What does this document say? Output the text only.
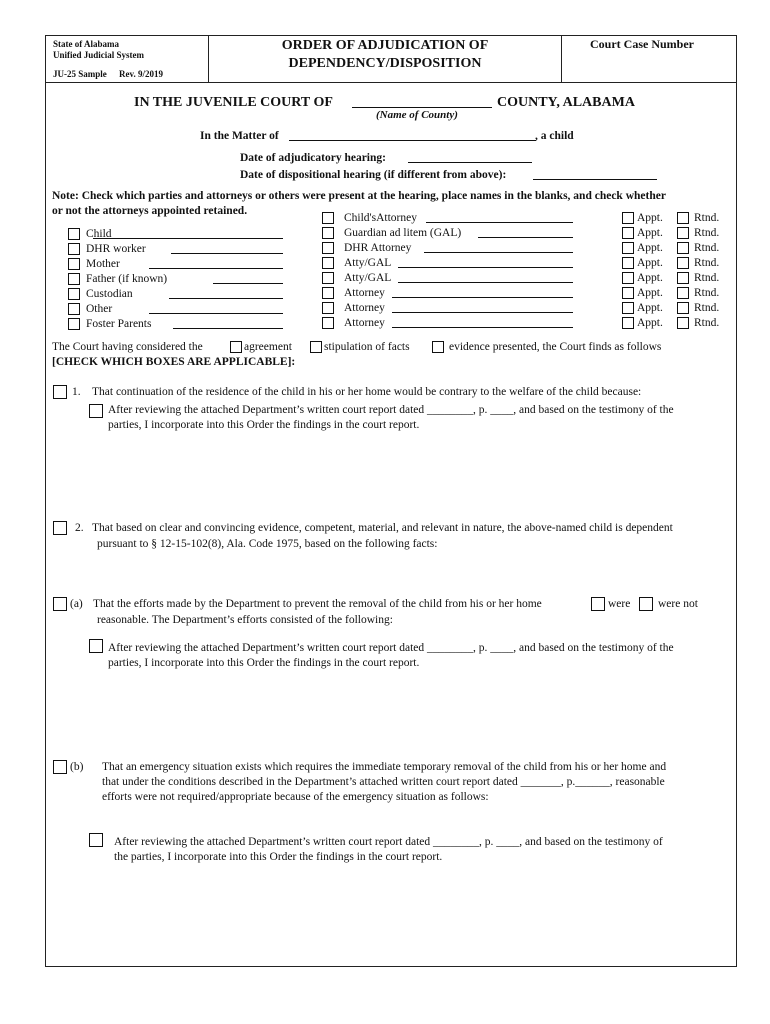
State of Alabama
Unified Judicial System
JU-25 Sample Rev. 9/2019
ORDER OF ADJUDICATION OF
DEPENDENCY/DISPOSITION
Court Case Number
IN THE JUVENILE COURT OF	COUNTY, ALABAMA
(Name of County)
In the Matter of	, a child
Date of adjudicatory hearing:
Date of dispositional hearing (if different from above):
Note: Check which parties and attorneys or others were present at the hearing, place names in the blanks, and check whether
or not the attorneys appointed retained.
Child
DHR worker
Mother
Father (if known)
Custodian
Other
Foster Parents
Child'sAttorney	Appt.	Rtnd.
Guardian ad litem (GAL)	Appt.	Rtnd.
DHR Attorney	Appt.	Rtnd.
Atty/GAL	Appt.	Rtnd.
Atty/GAL	Appt.	Rtnd.
Attorney	Appt.	Rtnd.
Attorney	Appt.	Rtnd.
Attorney	Appt.	Rtnd.
The Court having considered the	agreement	stipulation of facts	evidence presented, the Court finds as follows
[CHECK WHICH BOXES ARE APPLICABLE]:
1. That continuation of the residence of the child in his or her home would be contrary to the welfare of the child because:
After reviewing the attached Department’s written court report dated ________, p. ____, and based on the testimony of the
parties, I incorporate into this Order the findings in the court report.
2. That based on clear and convincing evidence, competent, material, and relevant in nature, the above-named child is dependent
pursuant to § 12-15-102(8), Ala. Code 1975, based on the following facts:
(a) That the efforts made by the Department to prevent the removal of the child from his or her home	were were not
reasonable. The Department’s efforts consisted of the following:
After reviewing the attached Department’s written court report dated ________, p. ____, and based on the testimony of the
parties, I incorporate into this Order the findings in the court report.
(b) That an emergency situation exists which requires the immediate temporary removal of the child from his or her home and
that under the conditions described in the Department’s attached written court report dated _______, p.______, reasonable
efforts were not required/appropriate because of the emergency situation as follows:
After reviewing the attached Department’s written court report dated ________, p. ____, and based on the testimony of
the parties, I incorporate into this Order the findings in the court report.
